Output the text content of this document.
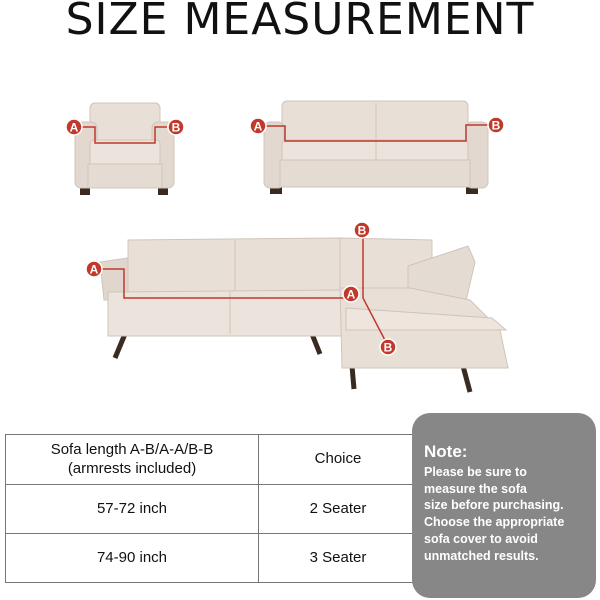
SIZE MEASUREMENT
A	B	A	B
A
A
B
B
Sofa length A-B/A-A/B-B
(armrests included)	Choice
57-72 inch	2 Seater
74-90 inch	3 Seater
Note:
Please be sure to
measure the sofa
size before purchasing.
Choose the appropriate
sofa cover to avoid
unmatched results.
